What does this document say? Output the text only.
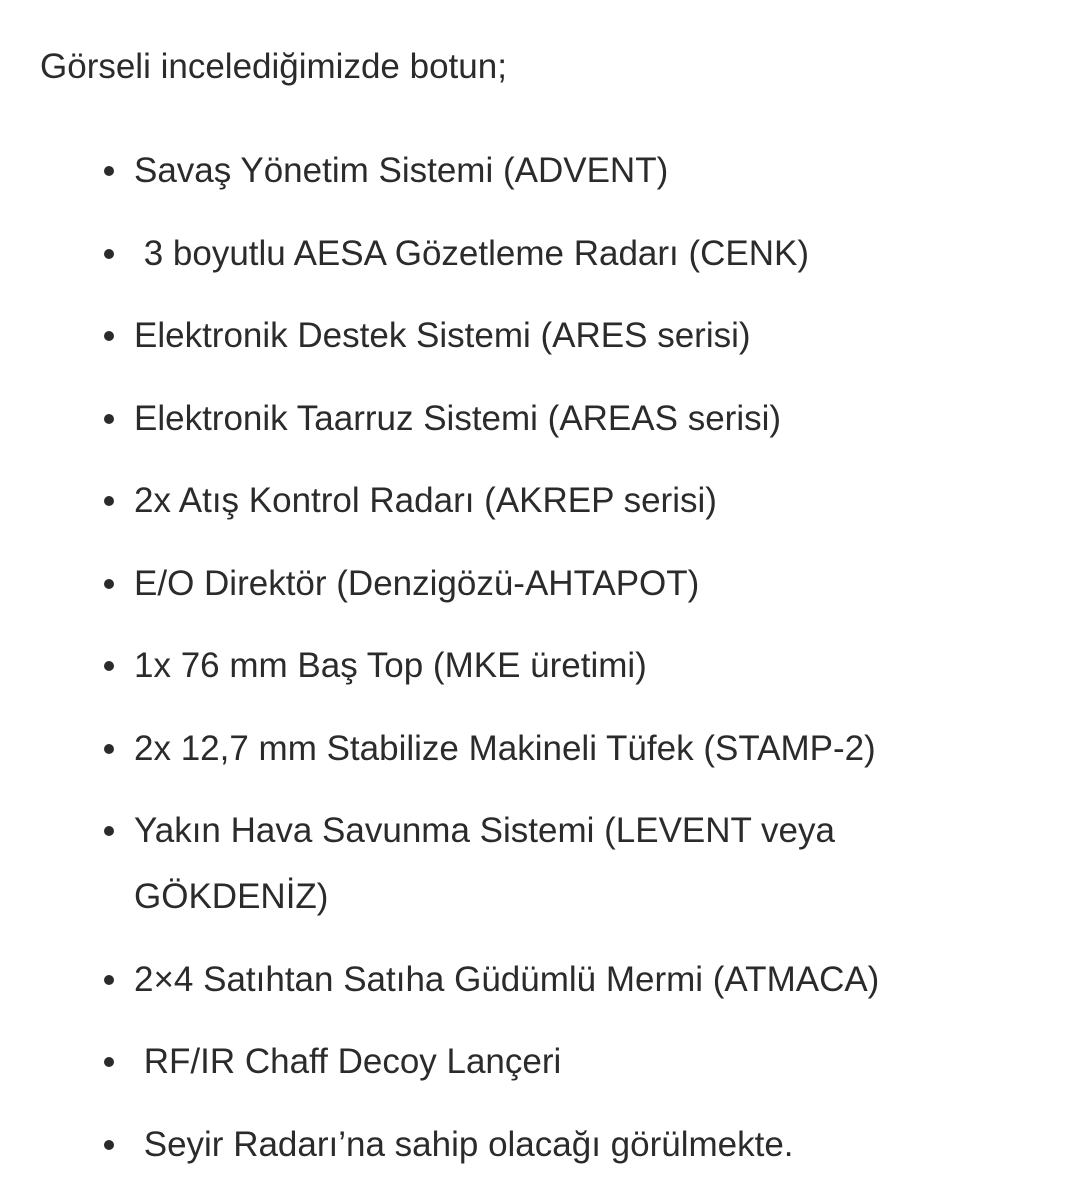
Görseli incelediğimizde botun;

Savaş Yönetim Sistemi (ADVENT)
3 boyutlu AESA Gözetleme Radarı (CENK)
Elektronik Destek Sistemi (ARES serisi)
Elektronik Taarruz Sistemi (AREAS serisi)
2x Atış Kontrol Radarı (AKREP serisi)
E/O Direktör (Denzigözü-AHTAPOT)
1x 76 mm Baş Top (MKE üretimi)
2x 12,7 mm Stabilize Makineli Tüfek (STAMP-2)
Yakın Hava Savunma Sistemi (LEVENT veya GÖKDENİZ)
2×4 Satıhtan Satıha Güdümlü Mermi (ATMACA)
RF/IR Chaff Decoy Lançeri
Seyir Radarı’na sahip olacağı görülmekte.
